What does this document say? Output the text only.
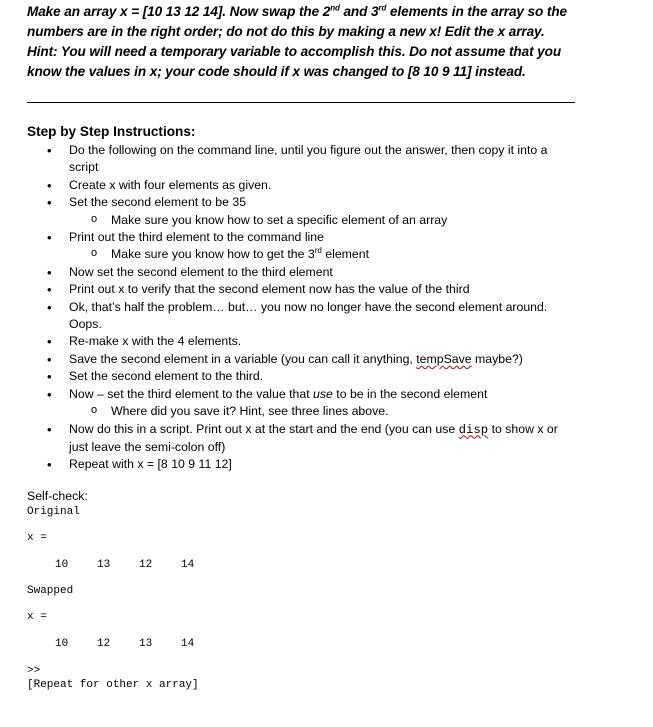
Make an array x = [10 13 12 14]. Now swap the 2nd and 3rd elements in the array so the numbers are in the right order; do not do this by making a new x! Edit the x array. Hint: You will need a temporary variable to accomplish this. Do not assume that you know the values in x; your code should if x was changed to [8 10 9 11] instead.
Step by Step Instructions:
• Do the following on the command line, until you figure out the answer, then copy it into a script
• Create x with four elements as given.
• Set the second element to be 35
o Make sure you know how to set a specific element of an array
• Print out the third element to the command line
o Make sure you know how to get the 3rd element
• Now set the second element to the third element
• Print out x to verify that the second element now has the value of the third
• Ok, that’s half the problem… but… you now no longer have the second element around. Oops.
• Re-make x with the 4 elements.
• Save the second element in a variable (you can call it anything, tempSave maybe?)
• Set the second element to the third.
• Now – set the third element to the value that use to be in the second element
o Where did you save it? Hint, see three lines above.
• Now do this in a script. Print out x at the start and the end (you can use disp to show x or just leave the semi-colon off)
• Repeat with x = [8 10 9 11 12]
Self-check:
Original
x =
10	13	12	14
Swapped
x =
10	12	13	14
>>
[Repeat for other x array]
